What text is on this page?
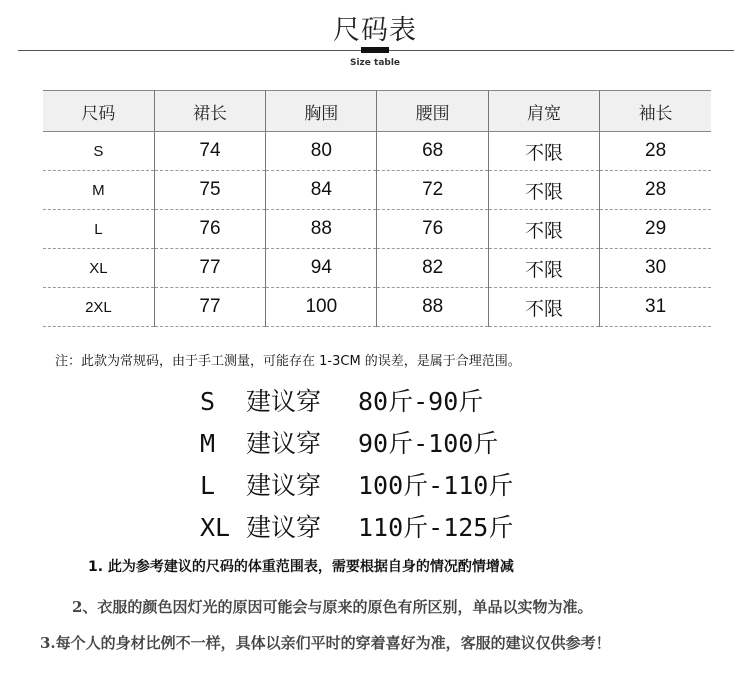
尺码表
Size table
尺码	裙长	胸围	腰围	肩宽	袖长
S	74	80	68	不限	28
M	75	84	72	不限	28
L	76	88	76	不限	29
XL	77	94	82	不限	30
2XL	77	100	88	不限	31
注：此款为常规码，由于手工测量，可能存在 1-3CM 的误差，是属于合理范围。
S	建议穿	80斤-90斤
M	建议穿	90斤-100斤
L	建议穿	100斤-110斤
XL 建议穿	110斤-125斤
1. 此为参考建议的尺码的体重范围表，需要根据自身的情况酌情增减
2、衣服的颜色因灯光的原因可能会与原来的原色有所区别，单品以实物为准。
3.每个人的身材比例不一样，具体以亲们平时的穿着喜好为准，客服的建议仅供参考！
